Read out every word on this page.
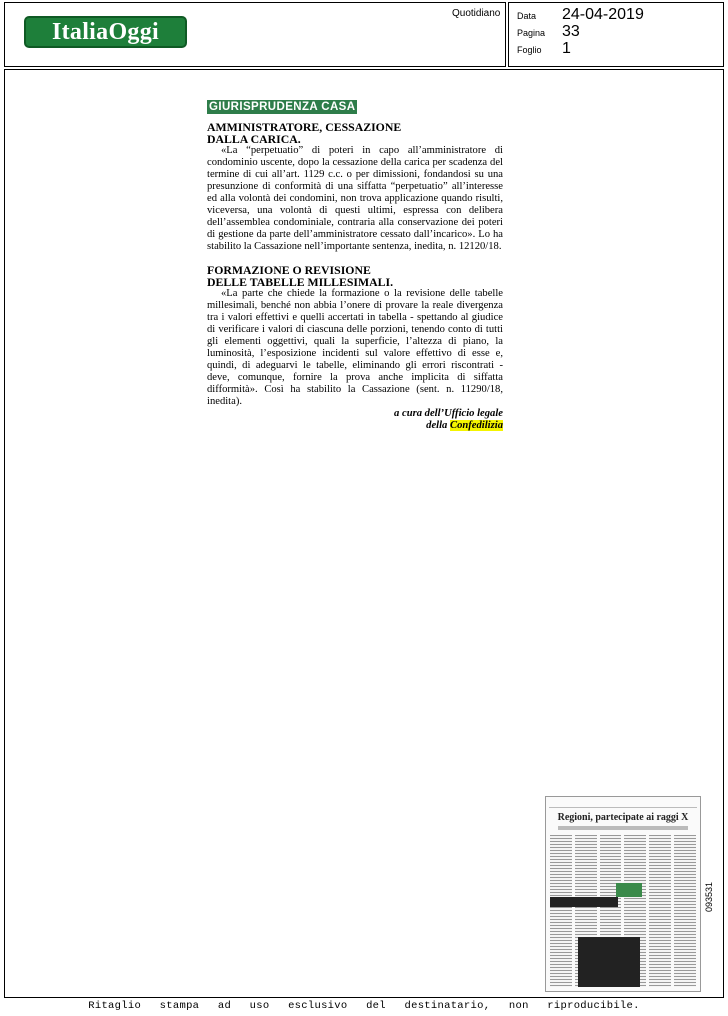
ItaliaOggi
Quotidiano Data 24-04-2019
Pagina 33
Foglio 1
GIURISPRUDENZA CASA
AMMINISTRATORE, CESSAZIONE
DALLA CARICA.

«La “perpetuatio” di poteri in capo all’amministratore di condominio uscente, dopo la cessazione della carica per scadenza del termine di cui all’art. 1129 c.c. o per dimissioni, fondandosi su una presunzione di conformità di una siffatta “perpetuatio” all’interesse ed alla volontà dei condomini, non trova applicazione quando risulti, viceversa, una volontà di questi ultimi, espressa con delibera dell’assemblea condominiale, contraria alla conservazione dei poteri di gestione da parte dell’amministratore cessato dall’incarico». Lo ha stabilito la Cassazione nell’importante sentenza, inedita, n. 12120/18.

FORMAZIONE O REVISIONE
DELLE TABELLE MILLESIMALI.

«La parte che chiede la formazione o la revisione delle tabelle millesimali, benché non abbia l’onere di provare la reale divergenza tra i valori effettivi e quelli accertati in tabella - spettando al giudice di verificare i valori di ciascuna delle porzioni, tenendo conto di tutti gli elementi oggettivi, quali la superficie, l’altezza di piano, la luminosità, l’esposizione incidenti sul valore effettivo di esse e, quindi, di adeguarvi le tabelle, eliminando gli errori riscontrati - deve, comunque, fornire la prova anche implicita di siffatta difformità». Così ha stabilito la Cassazione (sent. n. 11290/18, inedita).

a cura dell’Ufficio legale
della Confedilizia
Regioni, partecipate ai raggi X
093531
Ritaglio stampa ad uso esclusivo del destinatario, non riproducibile.
